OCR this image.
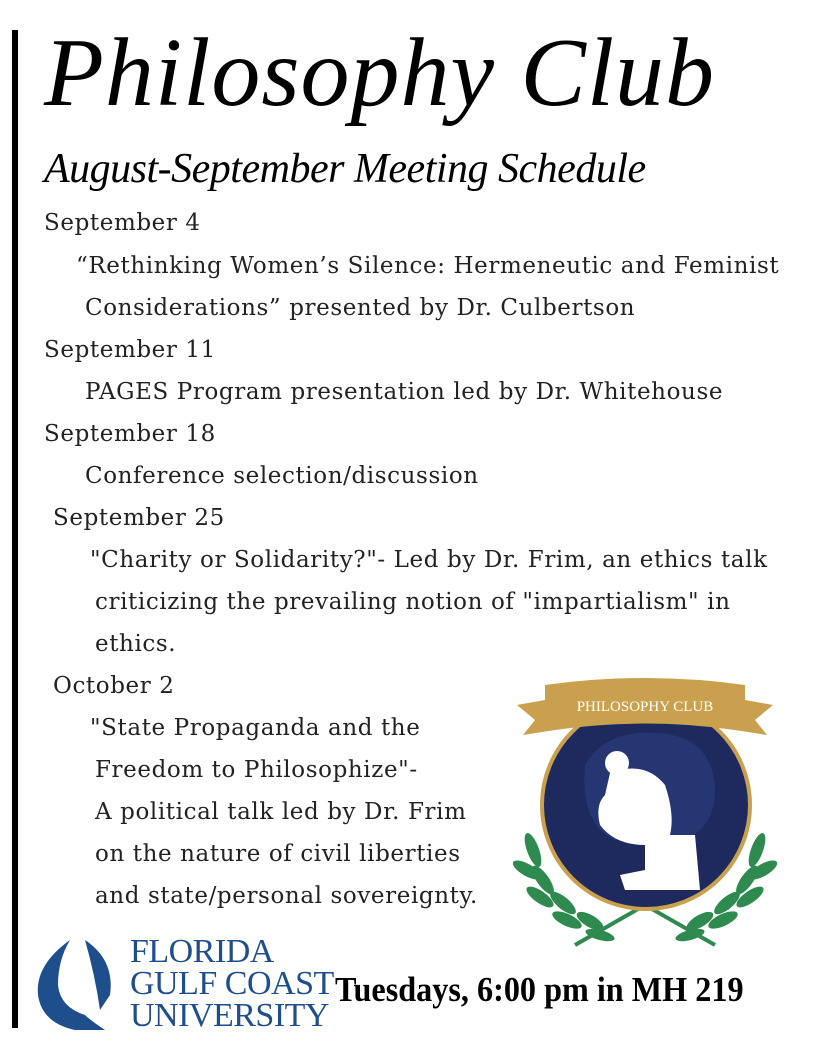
Philosophy Club
August-September Meeting Schedule
September 4
“Rethinking Women’s Silence: Hermeneutic and Feminist
Considerations” presented by Dr. Culbertson
September 11
PAGES Program presentation led by Dr. Whitehouse
September 18
Conference selection/discussion
September 25
"Charity or Solidarity?"- Led by Dr. Frim, an ethics talk
criticizing the prevailing notion of "impartialism" in
ethics.
October 2
"State Propaganda and the
Freedom to Philosophize"-
A political talk led by Dr. Frim
on the nature of civil liberties
and state/personal sovereignty.
PHILOSOPHY CLUB
FLORIDA
GULF COAST
UNIVERSITY
Tuesdays, 6:00 pm in MH 219
